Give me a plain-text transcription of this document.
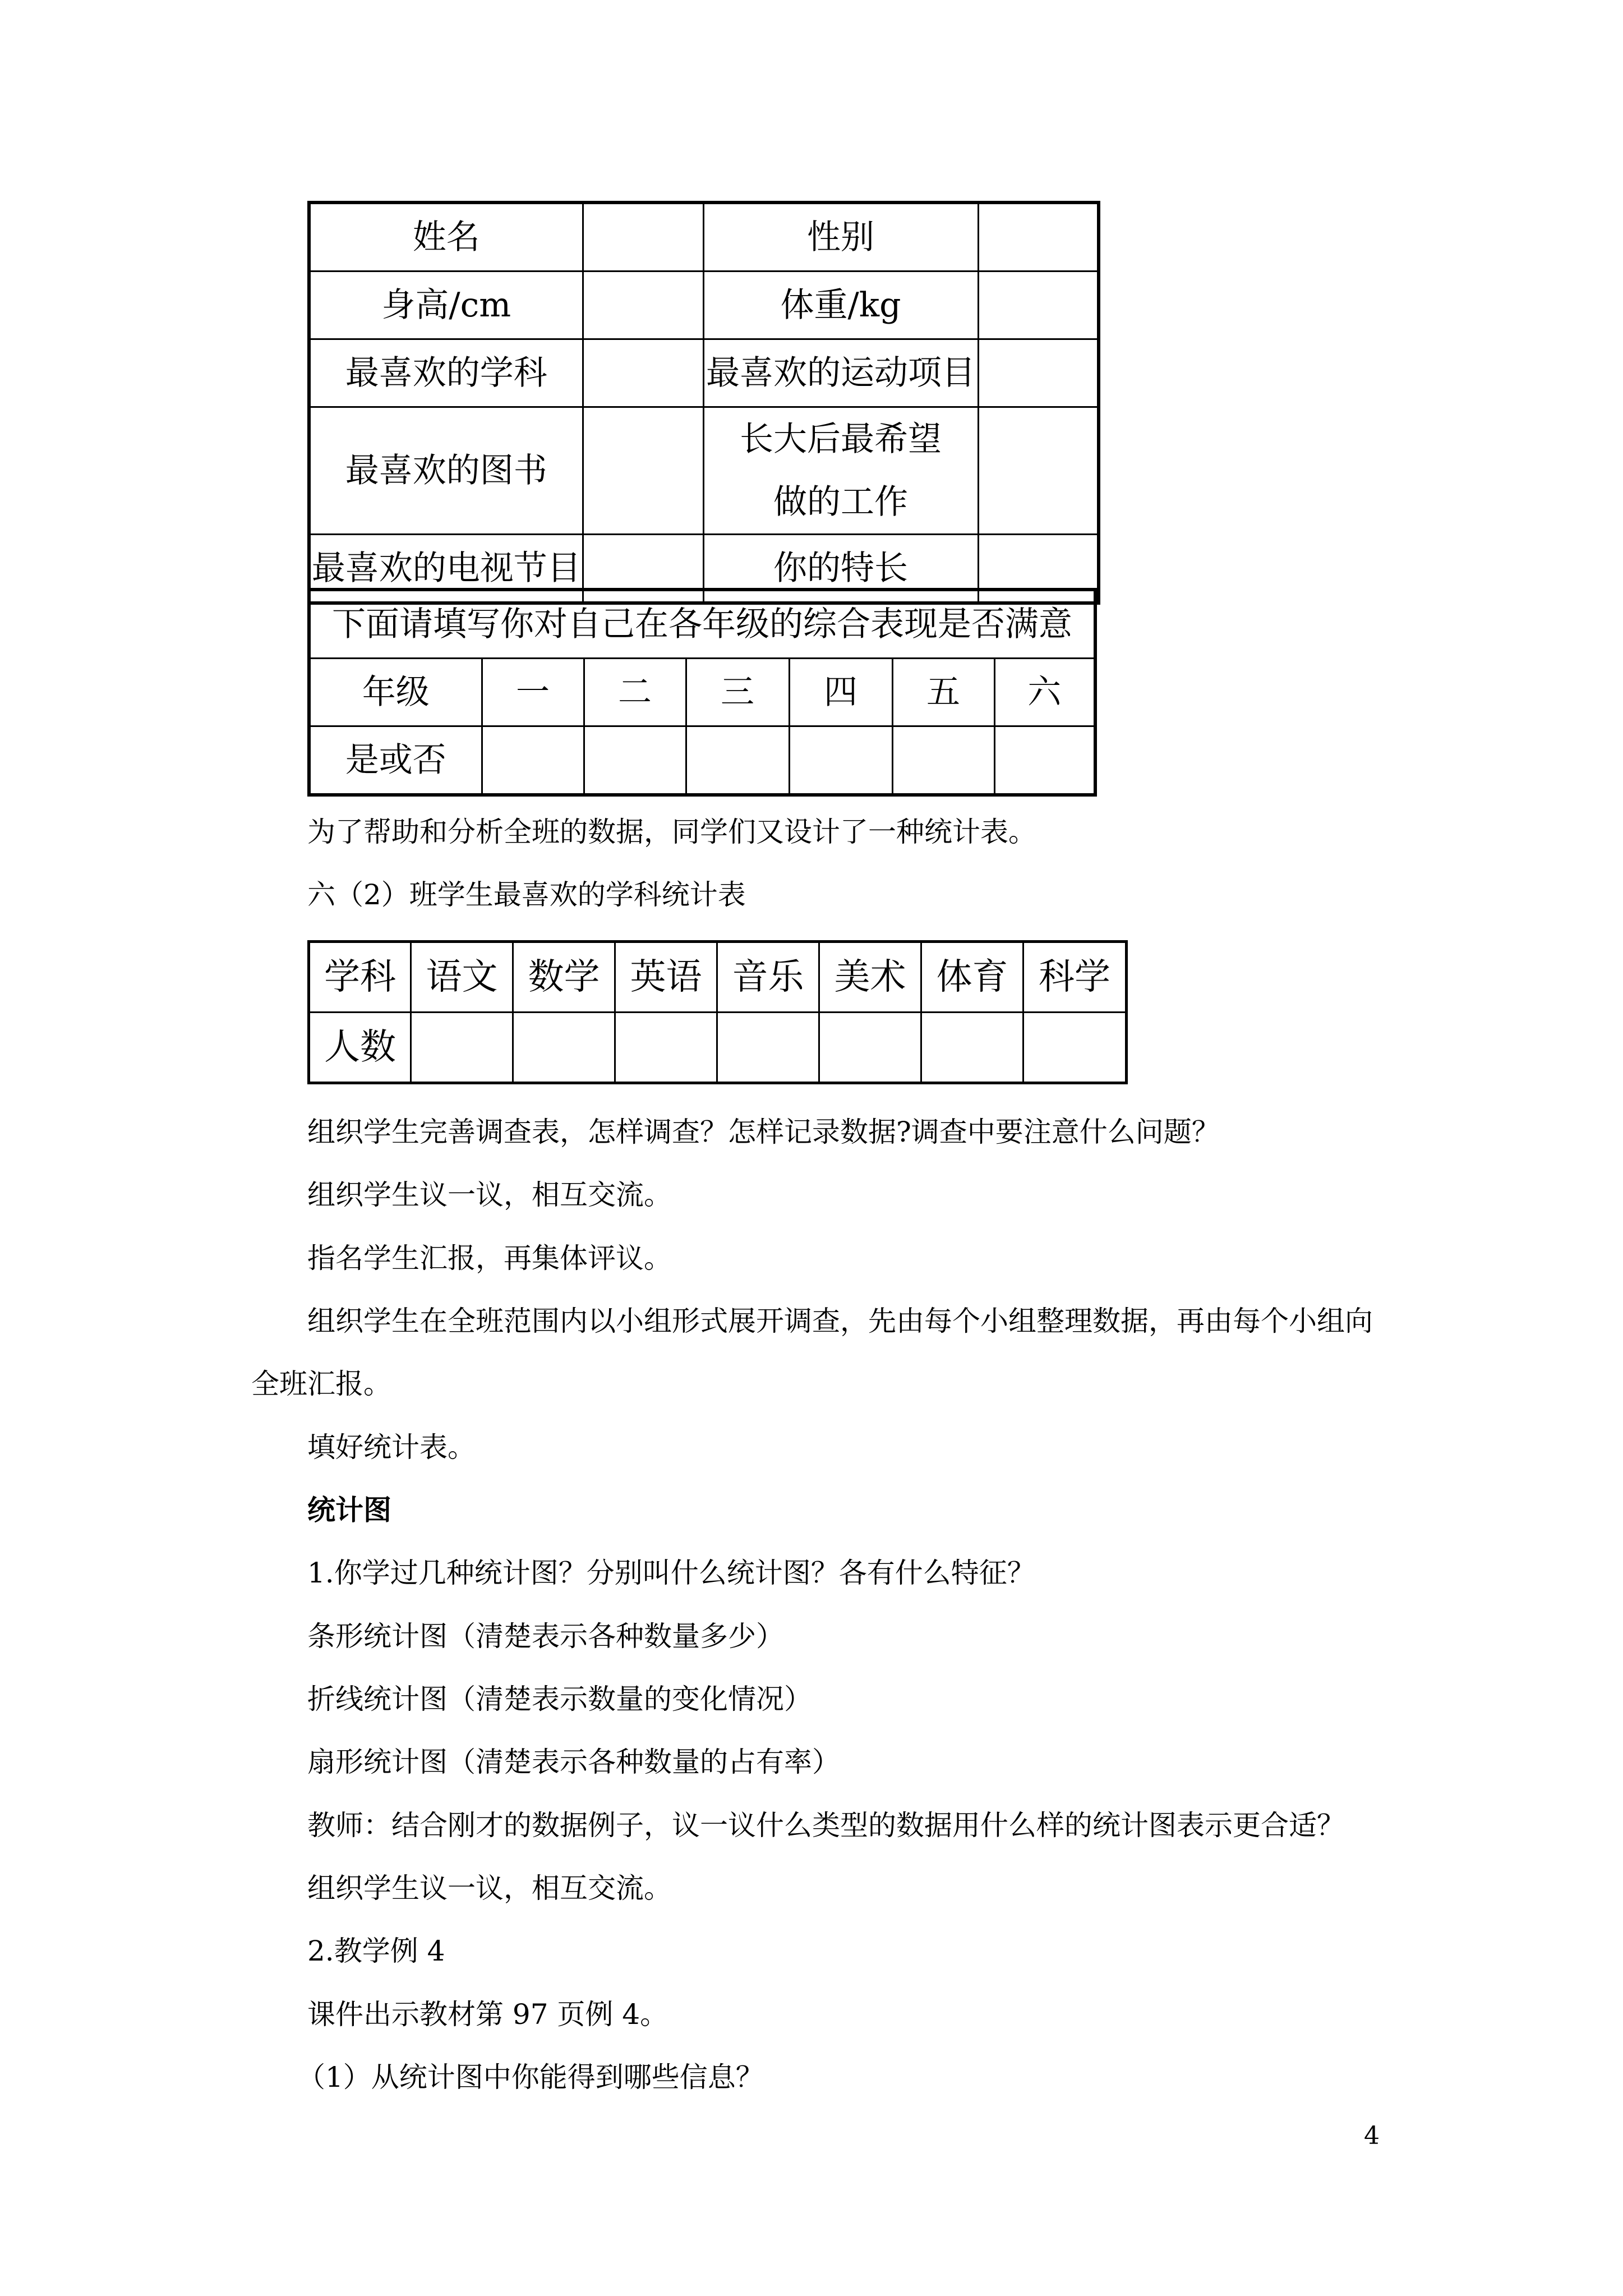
姓名		性别	
身高/cm		体重/kg	
最喜欢的学科		最喜欢的运动项目	
最喜欢的图书		长大后最希望
做的工作	

最喜欢的电视节目		你的特长	
下面请填写你对自己在各年级的综合表现是否满意						
年级	一	二	三	四	五	六
是或否						
为了帮助和分析全班的数据，同学们又设计了一种统计表。
六（2）班学生最喜欢的学科统计表
学科	语文	数学	英语	音乐	美术	体育	科学
人数							
组织学生完善调查表，怎样调查？怎样记录数据?调查中要注意什么问题？
组织学生议一议，相互交流。
指名学生汇报，再集体评议。
组织学生在全班范围内以小组形式展开调查，先由每个小组整理数据，再由每个小组向
全班汇报。
填好统计表。
统计图
1.你学过几种统计图？分别叫什么统计图？各有什么特征？
条形统计图（清楚表示各种数量多少）
折线统计图（清楚表示数量的变化情况）
扇形统计图（清楚表示各种数量的占有率）
教师：结合刚才的数据例子，议一议什么类型的数据用什么样的统计图表示更合适？
组织学生议一议，相互交流。
2.教学例 4
课件出示教材第 97 页例 4。
（1）从统计图中你能得到哪些信息？
4
